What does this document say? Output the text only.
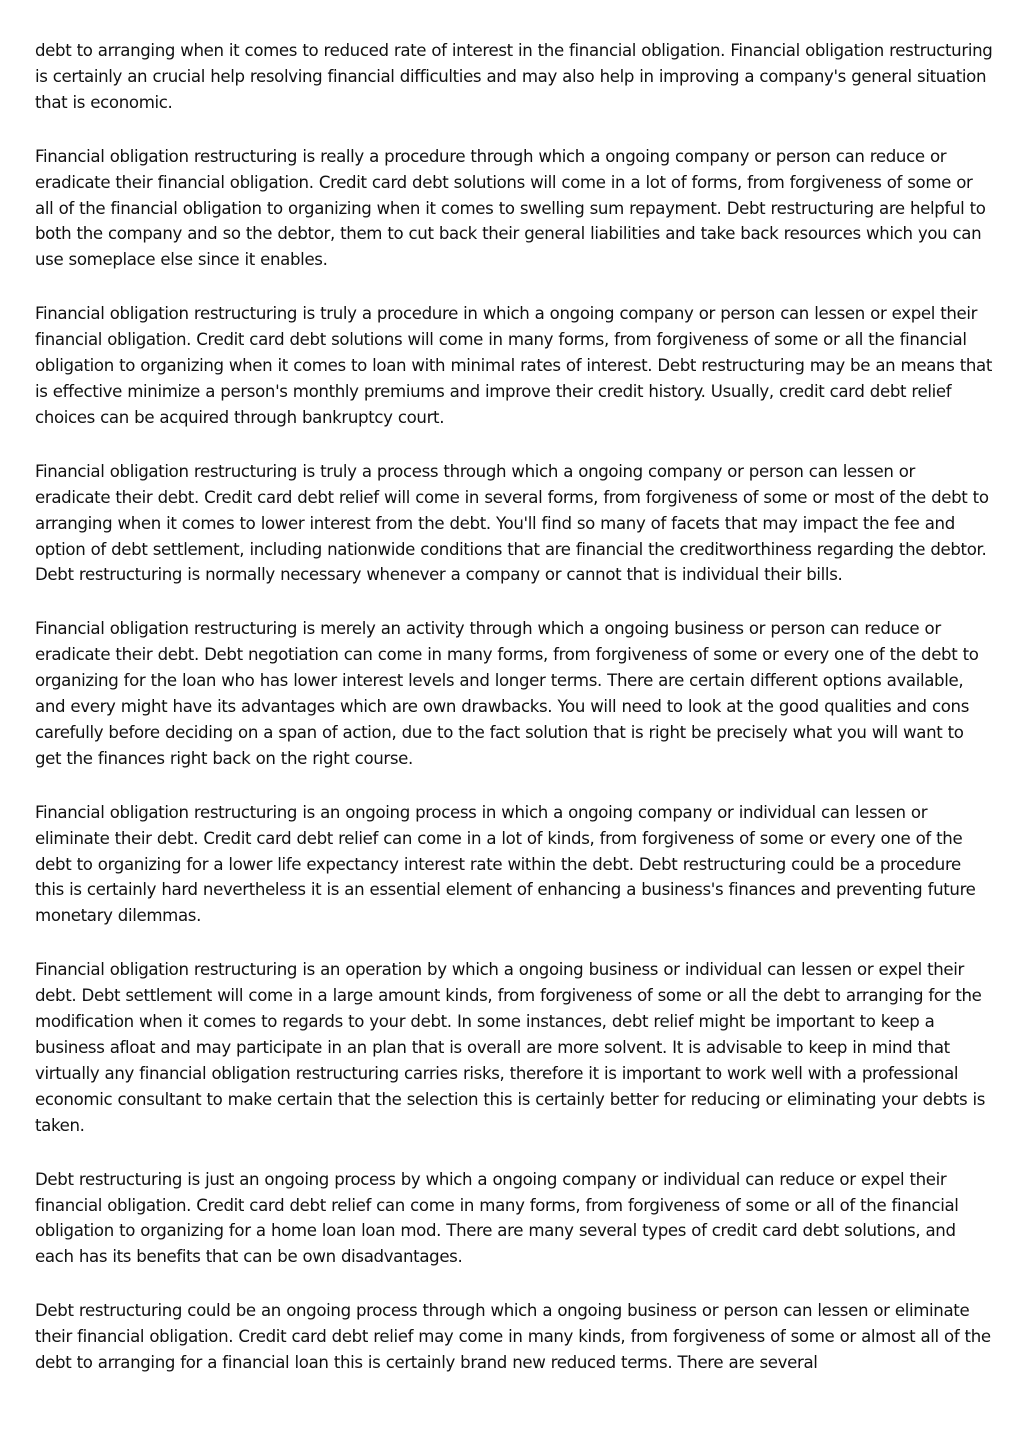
debt to arranging when it comes to reduced rate of interest in the financial obligation. Financial obligation restructuring is certainly an crucial help resolving financial difficulties and may also help in improving a company's general situation that is economic.

Financial obligation restructuring is really a procedure through which a ongoing company or person can reduce or eradicate their financial obligation. Credit card debt solutions will come in a lot of forms, from forgiveness of some or all of the financial obligation to organizing when it comes to swelling sum repayment. Debt restructuring are helpful to both the company and so the debtor, them to cut back their general liabilities and take back resources which you can use someplace else since it enables.

Financial obligation restructuring is truly a procedure in which a ongoing company or person can lessen or expel their financial obligation. Credit card debt solutions will come in many forms, from forgiveness of some or all the financial obligation to organizing when it comes to loan with minimal rates of interest. Debt restructuring may be an means that is effective minimize a person's monthly premiums and improve their credit history. Usually, credit card debt relief choices can be acquired through bankruptcy court.

Financial obligation restructuring is truly a process through which a ongoing company or person can lessen or eradicate their debt. Credit card debt relief will come in several forms, from forgiveness of some or most of the debt to arranging when it comes to lower interest from the debt. You'll find so many of facets that may impact the fee and option of debt settlement, including nationwide conditions that are financial the creditworthiness regarding the debtor. Debt restructuring is normally necessary whenever a company or cannot that is individual their bills.

Financial obligation restructuring is merely an activity through which a ongoing business or person can reduce or eradicate their debt. Debt negotiation can come in many forms, from forgiveness of some or every one of the debt to organizing for the loan who has lower interest levels and longer terms. There are certain different options available, and every might have its advantages which are own drawbacks. You will need to look at the good qualities and cons carefully before deciding on a span of action, due to the fact solution that is right be precisely what you will want to get the finances right back on the right course.

Financial obligation restructuring is an ongoing process in which a ongoing company or individual can lessen or eliminate their debt. Credit card debt relief can come in a lot of kinds, from forgiveness of some or every one of the debt to organizing for a lower life expectancy interest rate within the debt. Debt restructuring could be a procedure this is certainly hard nevertheless it is an essential element of enhancing a business's finances and preventing future monetary dilemmas.

Financial obligation restructuring is an operation by which a ongoing business or individual can lessen or expel their debt. Debt settlement will come in a large amount kinds, from forgiveness of some or all the debt to arranging for the modification when it comes to regards to your debt. In some instances, debt relief might be important to keep a business afloat and may participate in an plan that is overall are more solvent. It is advisable to keep in mind that virtually any financial obligation restructuring carries risks, therefore it is important to work well with a professional economic consultant to make certain that the selection this is certainly better for reducing or eliminating your debts is taken.

Debt restructuring is just an ongoing process by which a ongoing company or individual can reduce or expel their financial obligation. Credit card debt relief can come in many forms, from forgiveness of some or all of the financial obligation to organizing for a home loan loan mod. There are many several types of credit card debt solutions, and each has its benefits that can be own disadvantages.

Debt restructuring could be an ongoing process through which a ongoing business or person can lessen or eliminate their financial obligation. Credit card debt relief may come in many kinds, from forgiveness of some or almost all of the debt to arranging for a financial loan this is certainly brand new reduced terms. There are several
